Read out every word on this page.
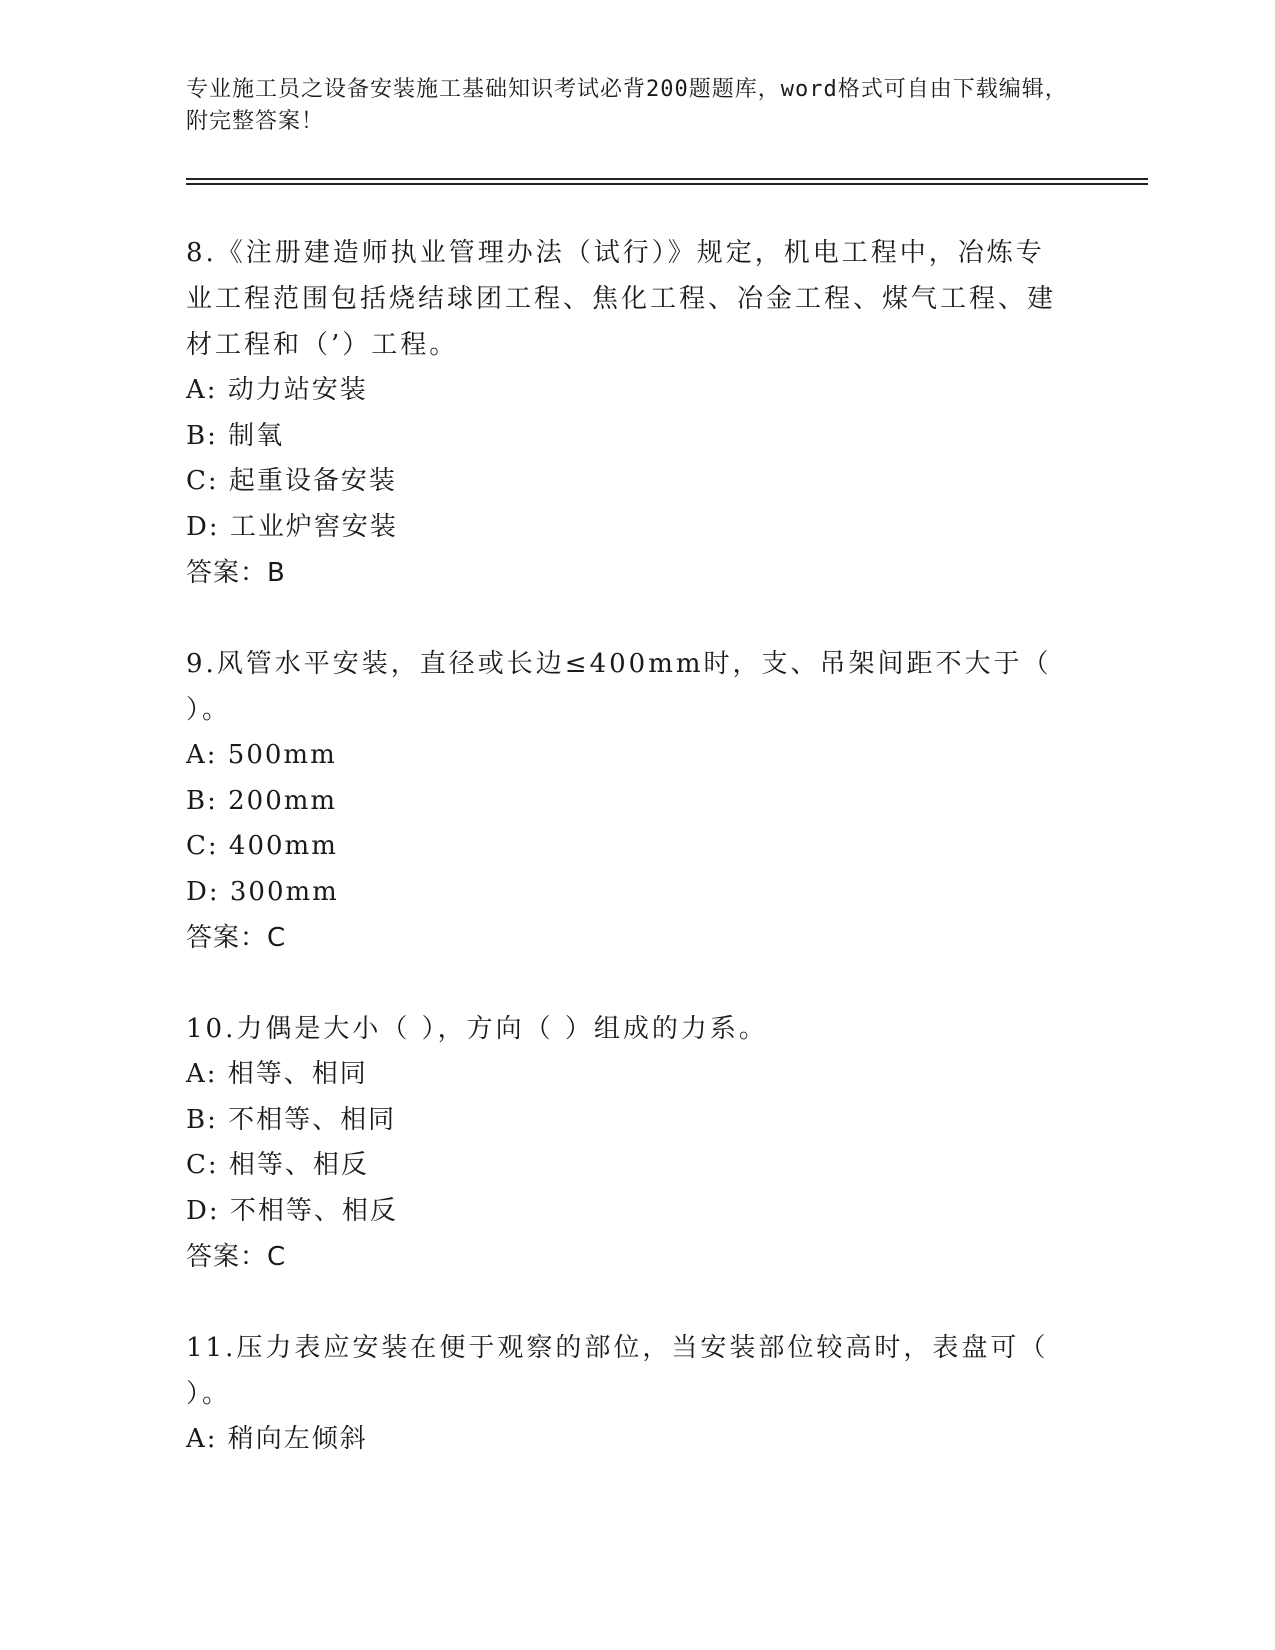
专业施工员之设备安装施工基础知识考试必背200题题库，word格式可自由下载编辑，附完整答案！
8.《注册建造师执业管理办法（试行）》规定，机电工程中，冶炼专业工程范围包括烧结球团工程、焦化工程、冶金工程、煤气工程、建材工程和（’）工程。
A: 动力站安装
B: 制氧
C: 起重设备安装
D: 工业炉窖安装
答案：B
9.风管水平安装，直径或长边≤400mm时，支、吊架间距不大于（ ）。
A: 500mm
B: 200mm
C: 400mm
D: 300mm
答案：C
10.力偶是大小（ ），方向（ ）组成的力系。
A: 相等、相同
B: 不相等、相同
C: 相等、相反
D: 不相等、相反
答案：C
11.压力表应安装在便于观察的部位，当安装部位较高时，表盘可（ ）。
A: 稍向左倾斜
